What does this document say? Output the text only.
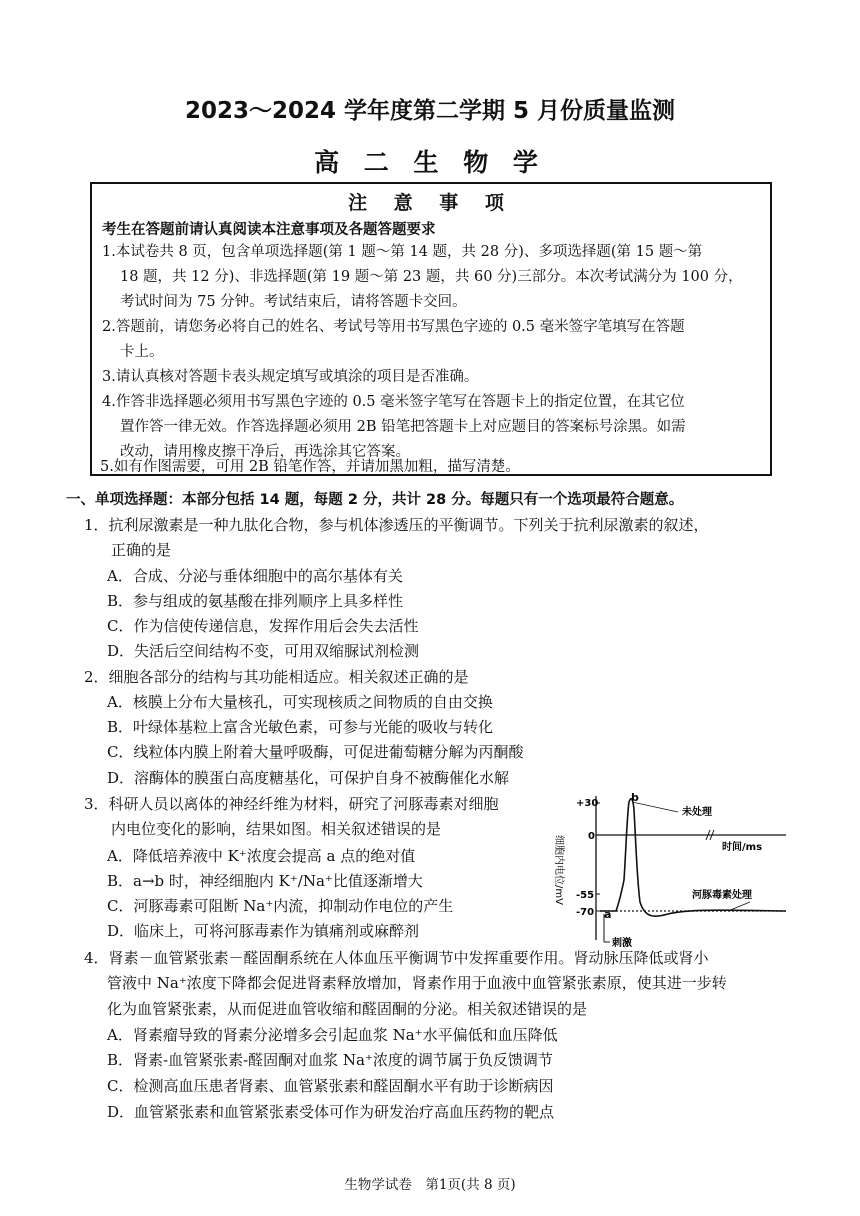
2023～2024 学年度第二学期 5 月份质量监测
高 二 生 物 学
注 意 事 项
考生在答题前请认真阅读本注意事项及各题答题要求
1.本试卷共 8 页，包含单项选择题(第 1 题～第 14 题，共 28 分)、多项选择题(第 15 题～第
18 题，共 12 分)、非选择题(第 19 题～第 23 题，共 60 分)三部分。本次考试满分为 100 分，
考试时间为 75 分钟。考试结束后，请将答题卡交回。
2.答题前，请您务必将自己的姓名、考试号等用书写黑色字迹的 0.5 毫米签字笔填写在答题
卡上。
3.请认真核对答题卡表头规定填写或填涂的项目是否准确。
4.作答非选择题必须用书写黑色字迹的 0.5 毫米签字笔写在答题卡上的指定位置，在其它位
置作答一律无效。作答选择题必须用 2B 铅笔把答题卡上对应题目的答案标号涂黑。如需
改动，请用橡皮擦干净后，再选涂其它答案。
5.如有作图需要，可用 2B 铅笔作答，并请加黑加粗，描写清楚。
一、单项选择题：本部分包括 14 题，每题 2 分，共计 28 分。每题只有一个选项最符合题意。
1．抗利尿激素是一种九肽化合物，参与机体渗透压的平衡调节。下列关于抗利尿激素的叙述，
正确的是
A．合成、分泌与垂体细胞中的高尔基体有关
B．参与组成的氨基酸在排列顺序上具多样性
C．作为信使传递信息，发挥作用后会失去活性
D．失活后空间结构不变，可用双缩脲试剂检测
2．细胞各部分的结构与其功能相适应。相关叙述正确的是
A．核膜上分布大量核孔，可实现核质之间物质的自由交换
B．叶绿体基粒上富含光敏色素，可参与光能的吸收与转化
C．线粒体内膜上附着大量呼吸酶，可促进葡萄糖分解为丙酮酸
D．溶酶体的膜蛋白高度糖基化，可保护自身不被酶催化水解
3．科研人员以离体的神经纤维为材料，研究了河豚毒素对细胞
内电位变化的影响，结果如图。相关叙述错误的是
A．降低培养液中 K⁺浓度会提高 a 点的绝对值
B．a→b 时，神经细胞内 K⁺/Na⁺比值逐渐增大
C．河豚毒素可阻断 Na⁺内流，抑制动作电位的产生
D．临床上，可将河豚毒素作为镇痛剂或麻醉剂
细胞内电位/mV
+30
0
-55
-70 a
b
未处理
时间/ms
河豚毒素处理
刺激
4．肾素－血管紧张素－醛固酮系统在人体血压平衡调节中发挥重要作用。肾动脉压降低或肾小
管液中 Na⁺浓度下降都会促进肾素释放增加，肾素作用于血液中血管紧张素原，使其进一步转
化为血管紧张素，从而促进血管收缩和醛固酮的分泌。相关叙述错误的是
A．肾素瘤导致的肾素分泌增多会引起血浆 Na⁺水平偏低和血压降低
B．肾素-血管紧张素-醛固酮对血浆 Na⁺浓度的调节属于负反馈调节
C．检测高血压患者肾素、血管紧张素和醛固酮水平有助于诊断病因
D．血管紧张素和血管紧张素受体可作为研发治疗高血压药物的靶点
生物学试卷　第1页(共 8 页)
